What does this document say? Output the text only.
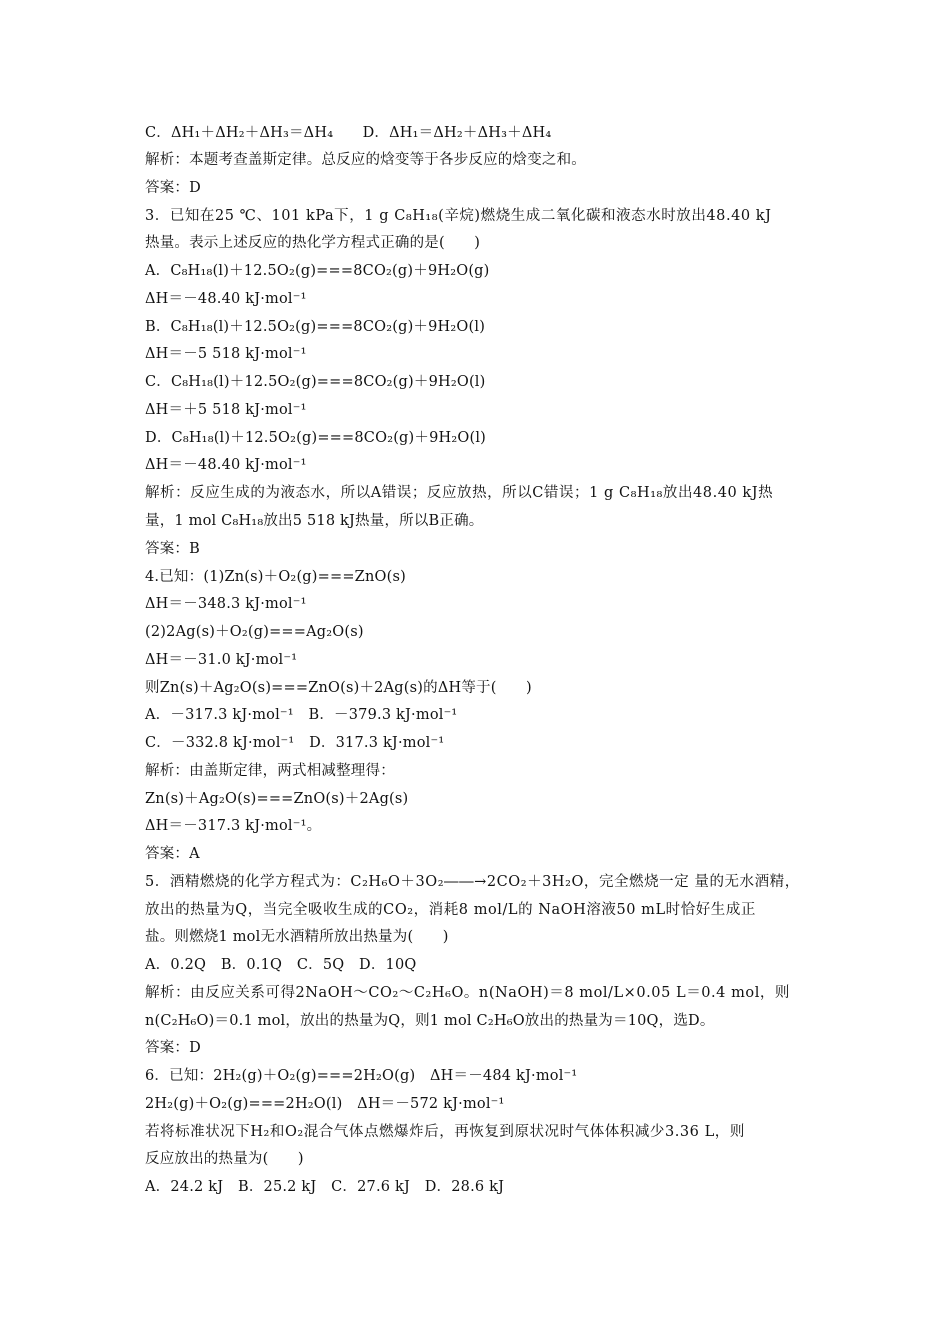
C．ΔH₁＋ΔH₂＋ΔH₃＝ΔH₄　　D．ΔH₁＝ΔH₂＋ΔH₃＋ΔH₄
解析：本题考查盖斯定律。总反应的焓变等于各步反应的焓变之和。
答案：D
3．已知在25 ℃、101 kPa下，1 g C₈H₁₈(辛烷)燃烧生成二氧化碳和液态水时放出48.40 kJ
热量。表示上述反应的热化学方程式正确的是(　　)
A．C₈H₁₈(l)＋12.5O₂(g)===8CO₂(g)＋9H₂O(g)
ΔH＝－48.40 kJ·mol⁻¹
B．C₈H₁₈(l)＋12.5O₂(g)===8CO₂(g)＋9H₂O(l)
ΔH＝－5 518 kJ·mol⁻¹
C．C₈H₁₈(l)＋12.5O₂(g)===8CO₂(g)＋9H₂O(l)
ΔH＝＋5 518 kJ·mol⁻¹
D．C₈H₁₈(l)＋12.5O₂(g)===8CO₂(g)＋9H₂O(l)
ΔH＝－48.40 kJ·mol⁻¹
解析：反应生成的为液态水，所以A错误；反应放热，所以C错误；1 g C₈H₁₈放出48.40 kJ热
量，1 mol C₈H₁₈放出5 518 kJ热量，所以B正确。
答案：B
4.已知：(1)Zn(s)＋O₂(g)===ZnO(s)
ΔH＝－348.3 kJ·mol⁻¹
(2)2Ag(s)＋O₂(g)===Ag₂O(s)
ΔH＝－31.0 kJ·mol⁻¹
则Zn(s)＋Ag₂O(s)===ZnO(s)＋2Ag(s)的ΔH等于(　　)
A．－317.3 kJ·mol⁻¹　B．－379.3 kJ·mol⁻¹
C．－332.8 kJ·mol⁻¹　D．317.3 kJ·mol⁻¹
解析：由盖斯定律，两式相减整理得：
Zn(s)＋Ag₂O(s)===ZnO(s)＋2Ag(s)
ΔH＝－317.3 kJ·mol⁻¹。
答案：A
5．酒精燃烧的化学方程式为：C₂H₆O＋3O₂――→2CO₂＋3H₂O，完全燃烧一定 量的无水酒精，
放出的热量为Q，当完全吸收生成的CO₂，消耗8 mol/L的 NaOH溶液50 mL时恰好生成正
盐。则燃烧1 mol无水酒精所放出热量为(　　)
A．0.2Q　B．0.1Q　C．5Q　D．10Q
解析：由反应关系可得2NaOH～CO₂～C₂H₆O。n(NaOH)＝8 mol/L×0.05 L＝0.4 mol，则
n(C₂H₆O)＝0.1 mol，放出的热量为Q，则1 mol C₂H₆O放出的热量为＝10Q，选D。
答案：D
6．已知：2H₂(g)＋O₂(g)===2H₂O(g)　ΔH＝－484 kJ·mol⁻¹
2H₂(g)＋O₂(g)===2H₂O(l)　ΔH＝－572 kJ·mol⁻¹
若将标准状况下H₂和O₂混合气体点燃爆炸后，再恢复到原状况时气体体积减少3.36 L，则
反应放出的热量为(　　)
A．24.2 kJ　B．25.2 kJ　C．27.6 kJ　D．28.6 kJ
